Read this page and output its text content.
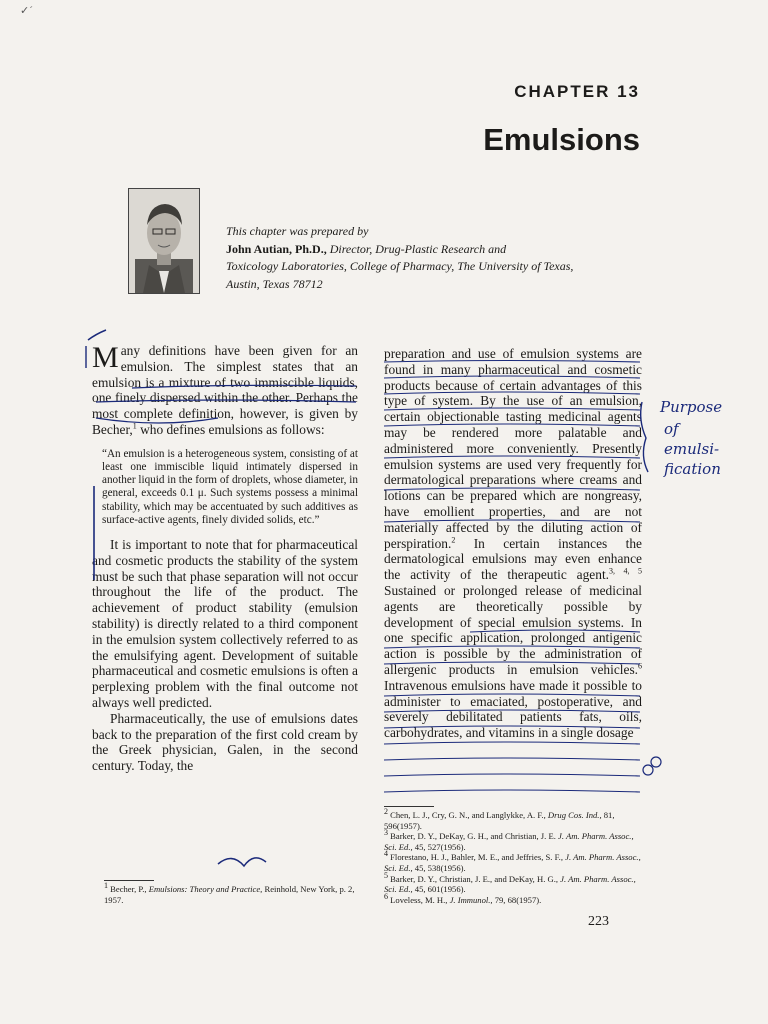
✓´
CHAPTER 13
Emulsions
This chapter was prepared by
John Autian, Ph.D., Director, Drug-Plastic Research and
Toxicology Laboratories, College of Pharmacy, The University of Texas,
Austin, Texas 78712

Many definitions have been given for an emulsion. The simplest states that an emulsion is a mixture of two immiscible liquids, one finely dispersed within the other. Perhaps the most complete definition, however, is given by Becher,$^1$ who defines emulsions as follows:

“An emulsion is a heterogeneous system, consisting of at least one immiscible liquid intimately dispersed in another liquid in the form of droplets, whose diameter, in general, exceeds 0.1 μ. Such systems possess a minimal stability, which may be accentuated by such additives as surface-active agents, finely divided solids, etc.”

It is important to note that for pharmaceutical and cosmetic products the stability of the system must be such that phase separation will not occur throughout the life of the product. The achievement of product stability (emulsion stability) is directly related to a third component in the emulsion system collectively referred to as the emulsifying agent. Development of suitable pharmaceutical and cosmetic emulsions is often a perplexing problem with the final outcome not always well predicted.

Pharmaceutically, the use of emulsions dates back to the preparation of the first cold cream by the Greek physician, Galen, in the second century. Today, the

preparation and use of emulsion systems are found in many pharmaceutical and cosmetic products because of certain advantages of this type of system. By the use of an emulsion, certain objectionable tasting medicinal agents may be rendered more palatable and administered more conveniently. Presently emulsion systems are used very frequently for dermatological preparations where creams and lotions can be prepared which are nongreasy, have emollient properties, and are not materially affected by the diluting action of perspiration.$^2$ In certain instances the dermatological emulsions may even enhance the activity of the therapeutic agent.$^{3, 4, 5}$ Sustained or prolonged release of medicinal agents are theoretically possible by development of special emulsion systems. In one specific application, prolonged antigenic action is possible by the administration of allergenic products in emulsion vehicles.$^6$ Intravenous emulsions have made it possible to administer to emaciated, postoperative, and severely debilitated patients fats, oils, carbohydrates, and vitamins in a single dosage

$^2$ Chen, L. J., Cry, G. N., and Langlykke, A. F., Drug Cos. Ind., 81, 596(1957).

$^3$ Barker, D. Y., DeKay, G. H., and Christian, J. E. J. Am. Pharm. Assoc., Sci. Ed., 45, 527(1956).

$^4$ Florestano, H. J., Bahler, M. E., and Jeffries, S. F., J. Am. Pharm. Assoc., Sci. Ed., 45, 538(1956).

$^5$ Barker, D. Y., Christian, J. E., and DeKay, H. G., J. Am. Pharm. Assoc., Sci. Ed., 45, 601(1956).

$^6$ Loveless, M. H., J. Immunol., 79, 68(1957).

$^1$ Becher, P., Emulsions: Theory and Practice, Reinhold, New York, p. 2, 1957.

223
Purpose
of
emulsi-
fication
